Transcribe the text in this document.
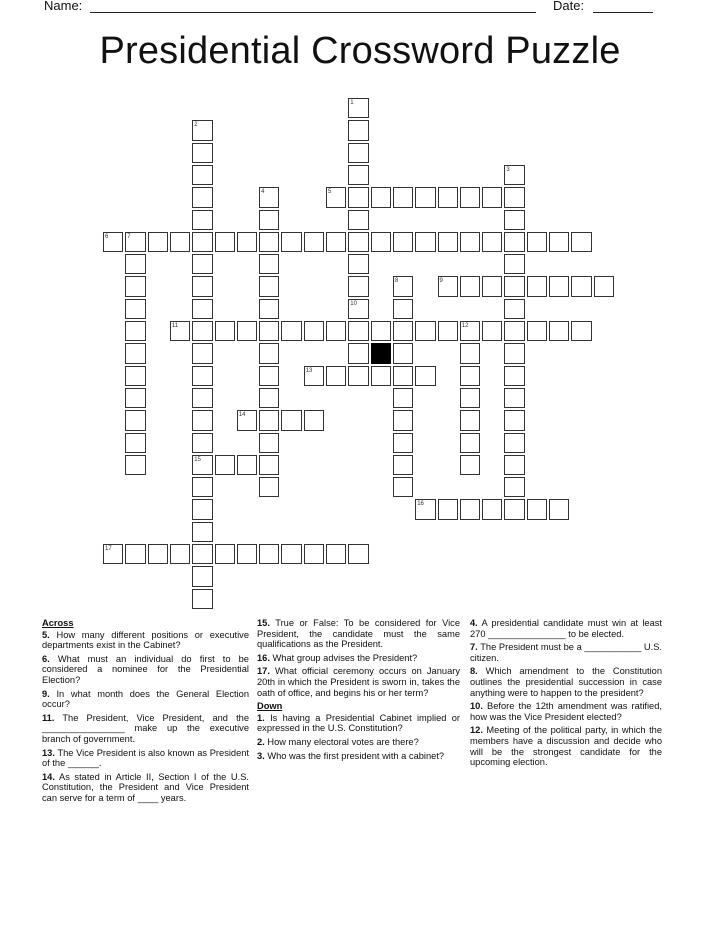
Name:	Date:
Presidential Crossword Puzzle
1
2
15
3
4	5
6	7
8	9
10
11	12
13
14
16
17
Across
5. How many different positions or executive departments exist in the Cabinet?
6. What must an individual do first to be considered a nominee for the Presidential Election?
9. In what month does the General Election occur?
11. The President, Vice President, and the ________________ make up the executive branch of government.
13. The Vice President is also known as President of the ______.
14. As stated in Article II, Section I of the U.S. Constitution, the President and Vice President can serve for a term of ____ years.
15. True or False: To be considered for Vice President, the candidate must the same qualifications as the President.
16. What group advises the President?
17. What official ceremony occurs on January 20th in which the President is sworn in, takes the oath of office, and begins his or her term?
Down
1. Is having a Presidential Cabinet implied or expressed in the U.S. Constitution?
2. How many electoral votes are there?
3. Who was the first president with a cabinet?
4. A presidential candidate must win at least 270 _______________ to be elected.
7. The President must be a ___________ U.S. citizen.
8. Which amendment to the Constitution outlines the presidential succession in case anything were to happen to the president?
10. Before the 12th amendment was ratified, how was the Vice President elected?
12. Meeting of the political party, in which the members have a discussion and decide who will be the strongest candidate for the upcoming election.
